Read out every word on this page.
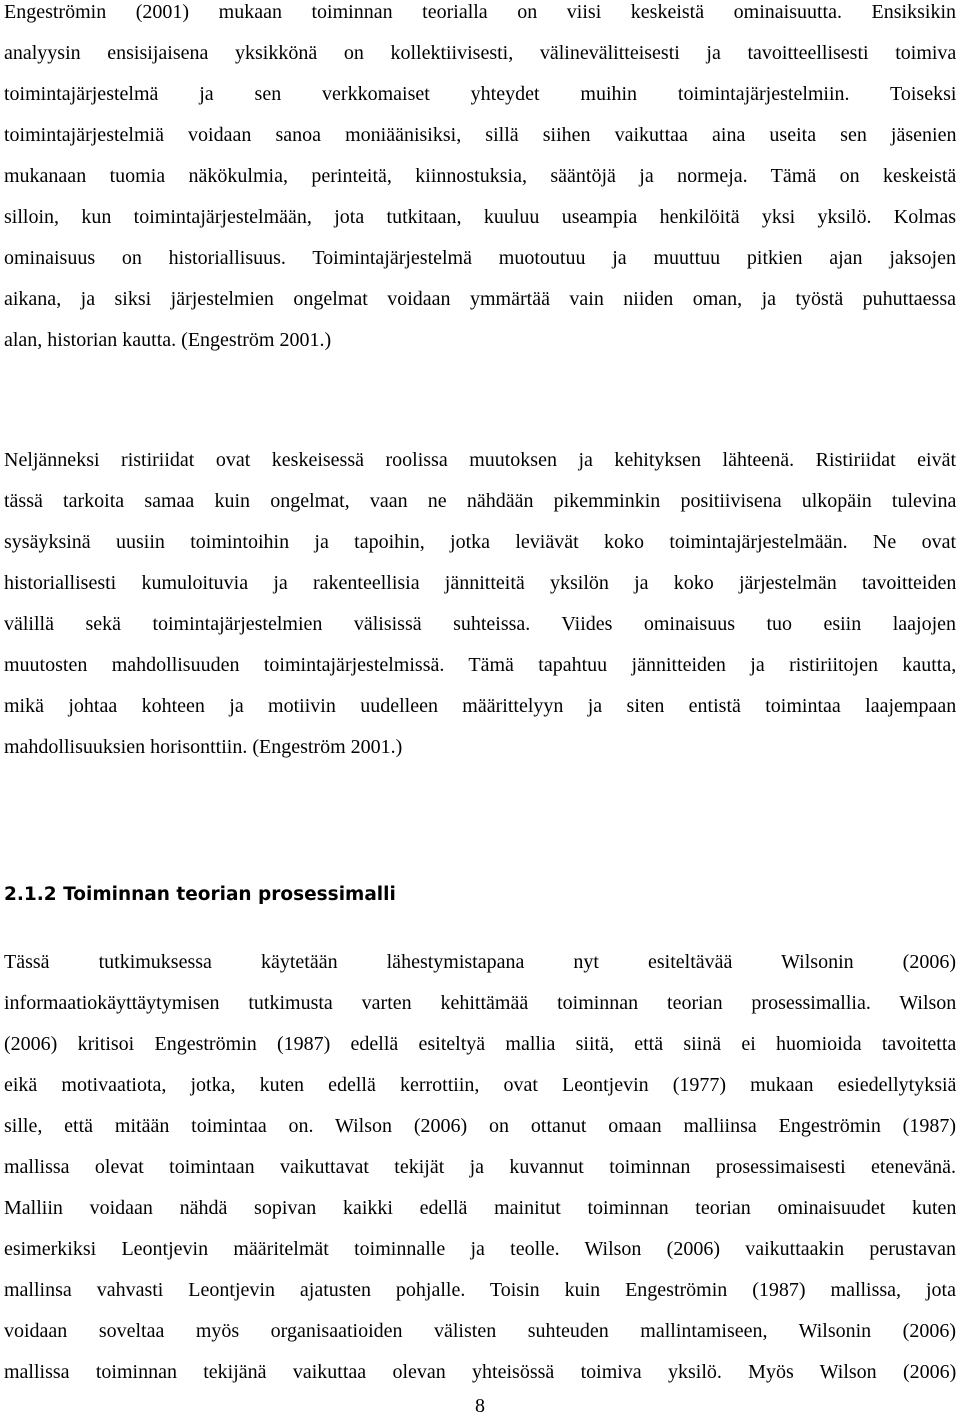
Engeströmin (2001) mukaan toiminnan teorialla on viisi keskeistä ominaisuutta. Ensiksikin
analyysin ensisijaisena yksikkönä on kollektiivisesti, välinevälitteisesti ja tavoitteellisesti toimiva
toimintajärjestelmä ja sen verkkomaiset yhteydet muihin toimintajärjestelmiin. Toiseksi
toimintajärjestelmiä voidaan sanoa moniäänisiksi, sillä siihen vaikuttaa aina useita sen jäsenien
mukanaan tuomia näkökulmia, perinteitä, kiinnostuksia, sääntöjä ja normeja. Tämä on keskeistä
silloin, kun toimintajärjestelmään, jota tutkitaan, kuuluu useampia henkilöitä yksi yksilö. Kolmas
ominaisuus on historiallisuus. Toimintajärjestelmä muotoutuu ja muuttuu pitkien ajan jaksojen
aikana, ja siksi järjestelmien ongelmat voidaan ymmärtää vain niiden oman, ja työstä puhuttaessa
alan, historian kautta. (Engeström 2001.)
Neljänneksi ristiriidat ovat keskeisessä roolissa muutoksen ja kehityksen lähteenä. Ristiriidat eivät
tässä tarkoita samaa kuin ongelmat, vaan ne nähdään pikemminkin positiivisena ulkopäin tulevina
sysäyksinä uusiin toimintoihin ja tapoihin, jotka leviävät koko toimintajärjestelmään. Ne ovat
historiallisesti kumuloituvia ja rakenteellisia jännitteitä yksilön ja koko järjestelmän tavoitteiden
välillä sekä toimintajärjestelmien välisissä suhteissa. Viides ominaisuus tuo esiin laajojen
muutosten mahdollisuuden toimintajärjestelmissä. Tämä tapahtuu jännitteiden ja ristiriitojen kautta,
mikä johtaa kohteen ja motiivin uudelleen määrittelyyn ja siten entistä toimintaa laajempaan
mahdollisuuksien horisonttiin. (Engeström 2001.)
2.1.2 Toiminnan teorian prosessimalli
Tässä tutkimuksessa käytetään lähestymistapana nyt esiteltävää Wilsonin (2006)
informaatiokäyttäytymisen tutkimusta varten kehittämää toiminnan teorian prosessimallia. Wilson
(2006) kritisoi Engeströmin (1987) edellä esiteltyä mallia siitä, että siinä ei huomioida tavoitetta
eikä motivaatiota, jotka, kuten edellä kerrottiin, ovat Leontjevin (1977) mukaan esiedellytyksiä
sille, että mitään toimintaa on. Wilson (2006) on ottanut omaan malliinsa Engeströmin (1987)
mallissa olevat toimintaan vaikuttavat tekijät ja kuvannut toiminnan prosessimaisesti etenevänä.
Malliin voidaan nähdä sopivan kaikki edellä mainitut toiminnan teorian ominaisuudet kuten
esimerkiksi Leontjevin määritelmät toiminnalle ja teolle. Wilson (2006) vaikuttaakin perustavan
mallinsa vahvasti Leontjevin ajatusten pohjalle. Toisin kuin Engeströmin (1987) mallissa, jota
voidaan soveltaa myös organisaatioiden välisten suhteuden mallintamiseen, Wilsonin (2006)
mallissa toiminnan tekijänä vaikuttaa olevan yhteisössä toimiva yksilö. Myös Wilson (2006)
8
